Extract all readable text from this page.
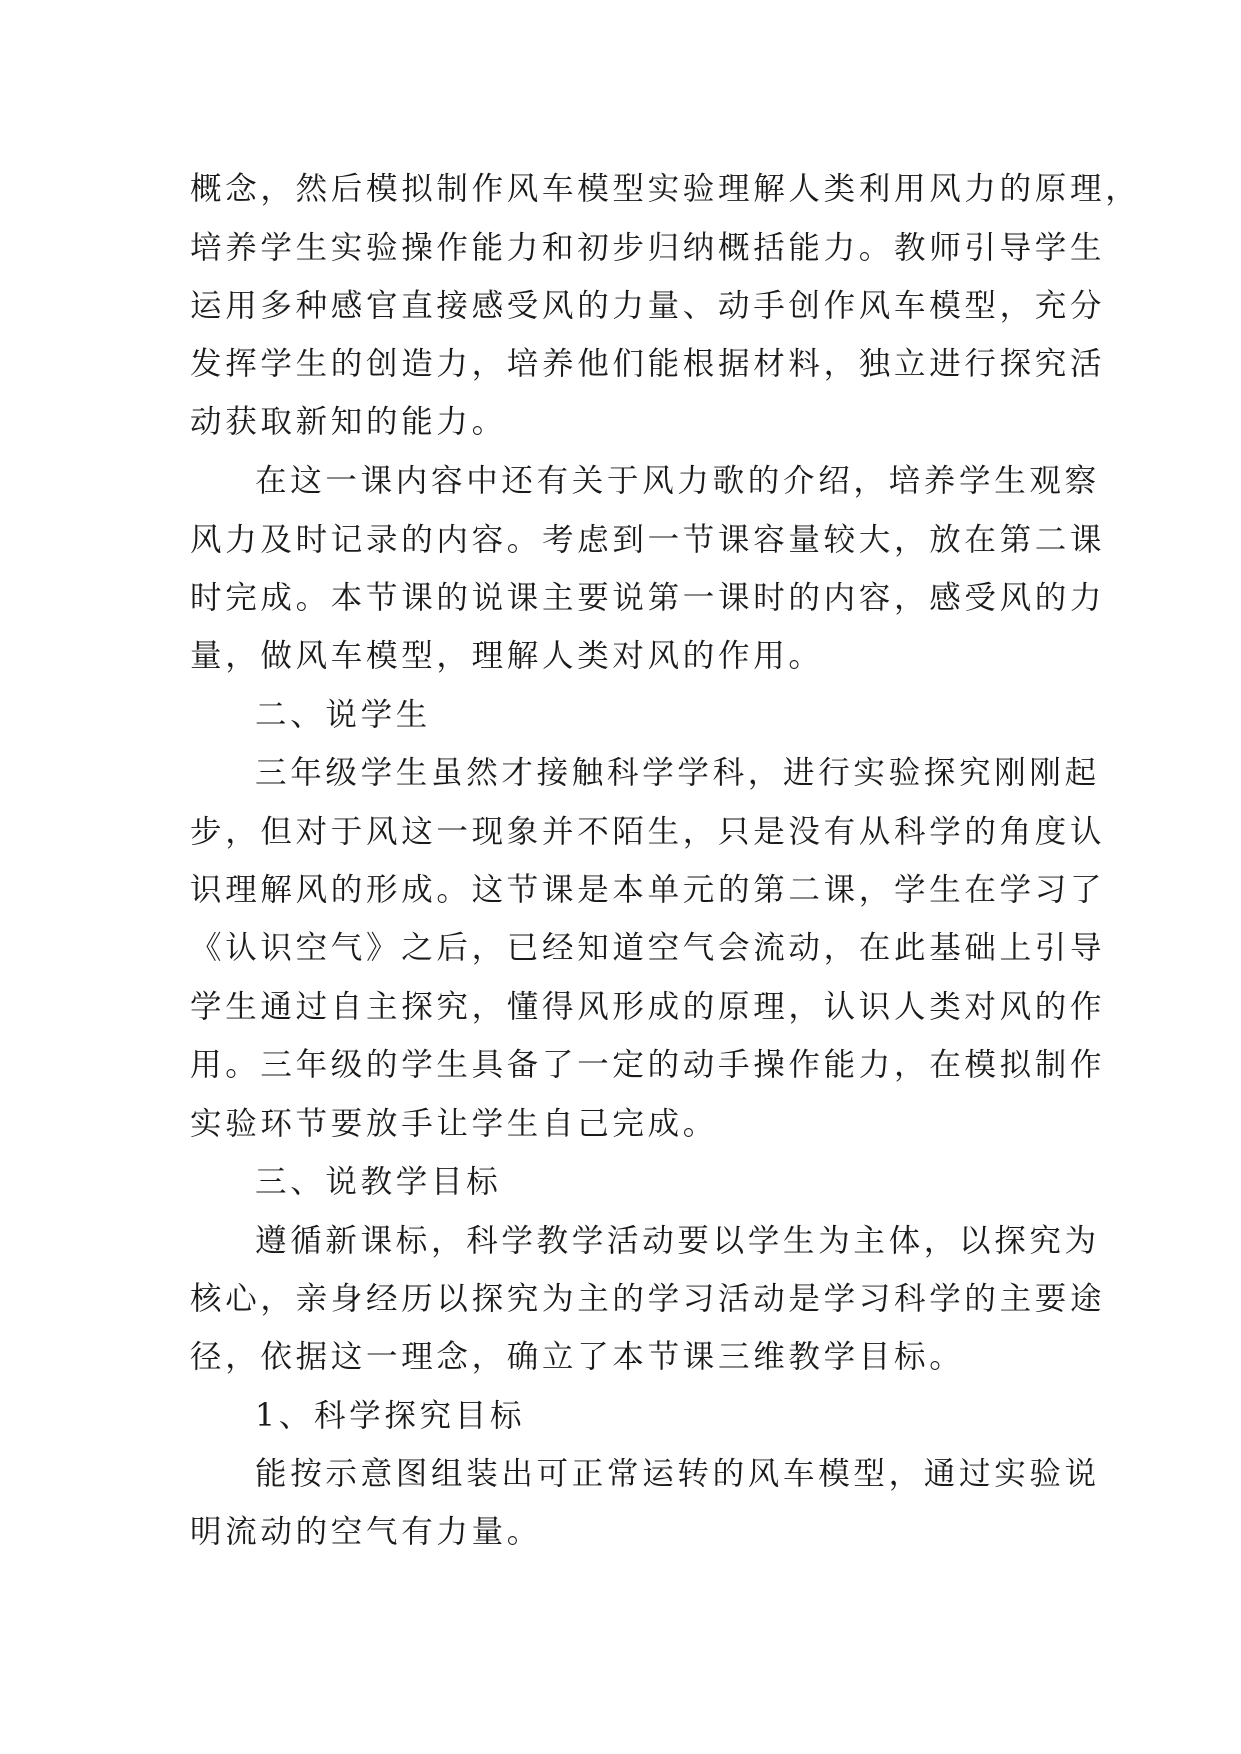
概念，然后模拟制作风车模型实验理解人类利用风力的原理，
培养学生实验操作能力和初步归纳概括能力。教师引导学生
运用多种感官直接感受风的力量、动手创作风车模型，充分
发挥学生的创造力，培养他们能根据材料，独立进行探究活
动获取新知的能力。
在这一课内容中还有关于风力歌的介绍，培养学生观察
风力及时记录的内容。考虑到一节课容量较大，放在第二课
时完成。本节课的说课主要说第一课时的内容，感受风的力
量，做风车模型，理解人类对风的作用。
二、说学生
三年级学生虽然才接触科学学科，进行实验探究刚刚起
步，但对于风这一现象并不陌生，只是没有从科学的角度认
识理解风的形成。这节课是本单元的第二课，学生在学习了
《认识空气》之后，已经知道空气会流动，在此基础上引导
学生通过自主探究，懂得风形成的原理，认识人类对风的作
用。三年级的学生具备了一定的动手操作能力，在模拟制作
实验环节要放手让学生自己完成。
三、说教学目标
遵循新课标，科学教学活动要以学生为主体，以探究为
核心，亲身经历以探究为主的学习活动是学习科学的主要途
径，依据这一理念，确立了本节课三维教学目标。
1、科学探究目标
能按示意图组装出可正常运转的风车模型，通过实验说
明流动的空气有力量。
